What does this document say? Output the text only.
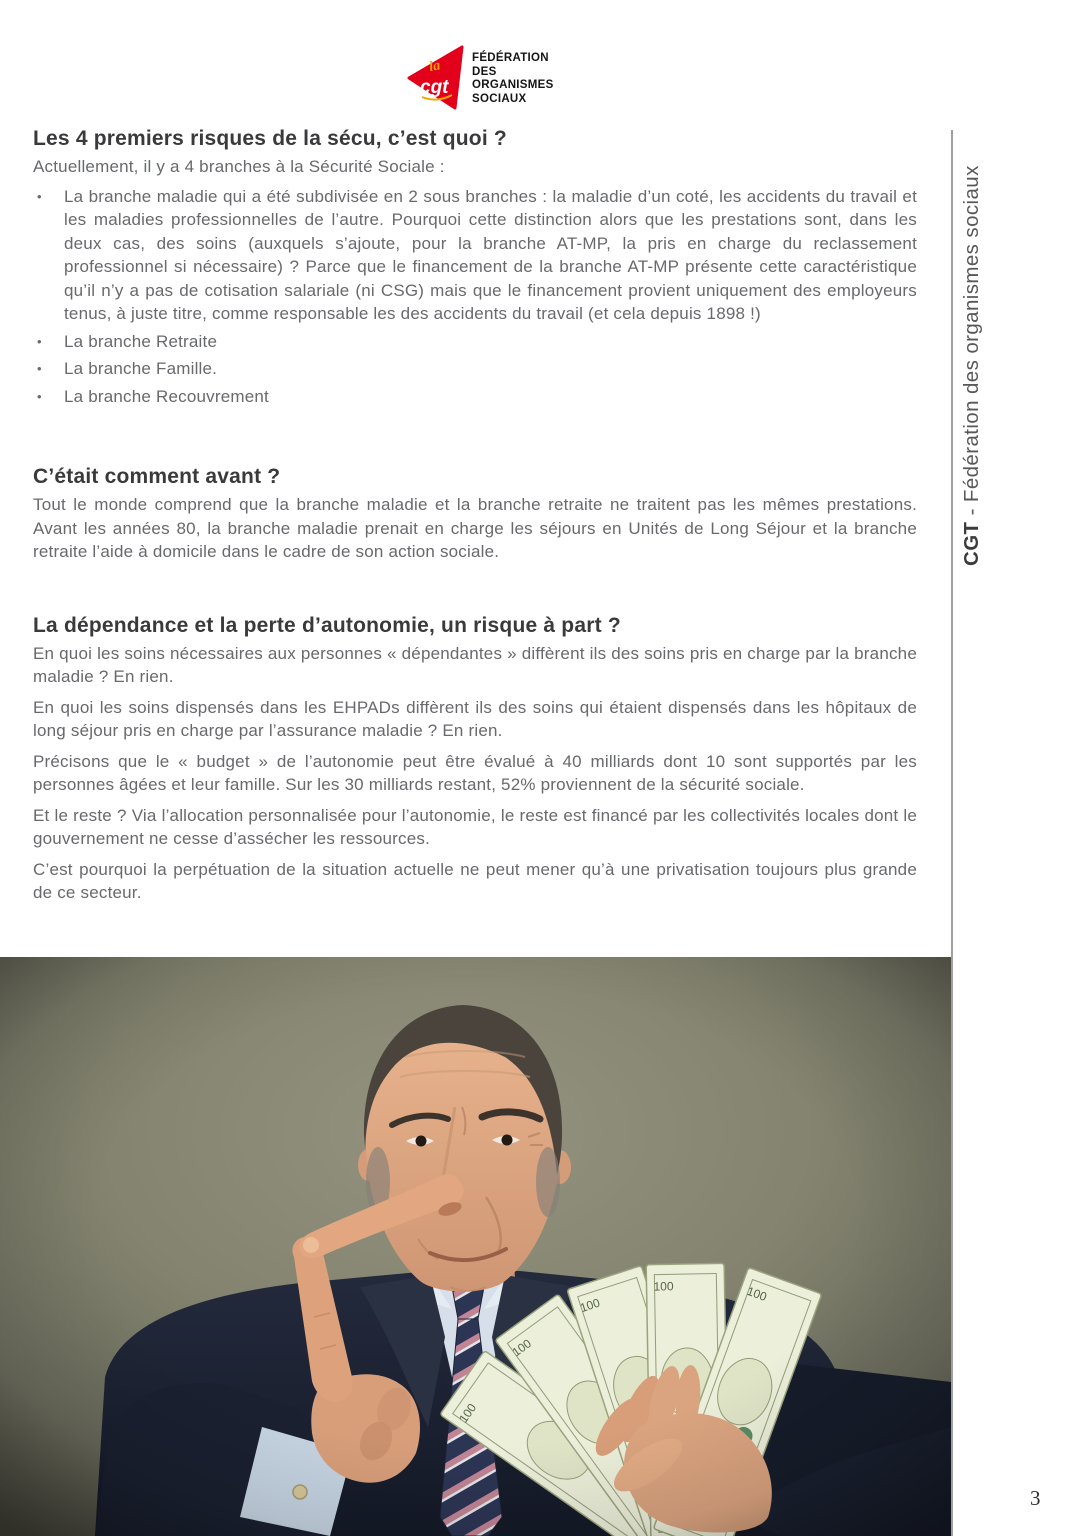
la
cgt
FÉDÉRATION
DES
ORGANISMES
SOCIAUX
Les 4 premiers risques de la sécu, c’est quoi ?

Actuellement, il y a 4 branches à la Sécurité Sociale :

•	La branche maladie qui a été subdivisée en 2 sous branches : la maladie d’un coté, les accidents du travail et les maladies professionnelles de l’autre. Pourquoi cette distinction alors que les prestations sont, dans les deux cas, des soins (auxquels s’ajoute, pour la branche AT-MP, la pris en charge du reclassement professionnel si nécessaire) ? Parce que le financement de la branche AT-MP présente cette caractéristique qu’il n’y a pas de cotisation salariale (ni CSG) mais que le financement provient uniquement des employeurs tenus, à juste titre, comme responsable les des accidents du travail (et cela depuis 1898 !)
•	La branche Retraite
•	La branche Famille.
•	La branche Recouvrement
C’était comment avant ?

Tout le monde comprend que la branche maladie et la branche retraite ne traitent pas les mêmes prestations. Avant les années 80, la branche maladie prenait en charge les séjours en Unités de Long Séjour et la branche retraite l’aide à domicile dans le cadre de son action sociale.

La dépendance et la perte d’autonomie, un risque à part ?

En quoi les soins nécessaires aux personnes « dépendantes » diffèrent ils des soins pris en charge par la branche maladie ? En rien.

En quoi les soins dispensés dans les EHPADs diffèrent ils des soins qui étaient dispensés dans les hôpitaux de long séjour pris en charge par l’assurance maladie ? En rien.

Précisons que le « budget » de l’autonomie peut être évalué à 40 milliards dont 10 sont supportés par les personnes âgées et leur famille. Sur les 30 milliards restant, 52% proviennent de la sécurité sociale.

Et le reste ? Via l’allocation personnalisée pour l’autonomie, le reste est financé par les collectivités locales dont le gouvernement ne cesse d’assécher les ressources.

C’est pourquoi la perpétuation de la situation actuelle ne peut mener qu’à une privatisation toujours plus grande de ce secteur.

CGT - Fédération des organismes sociaux
3
